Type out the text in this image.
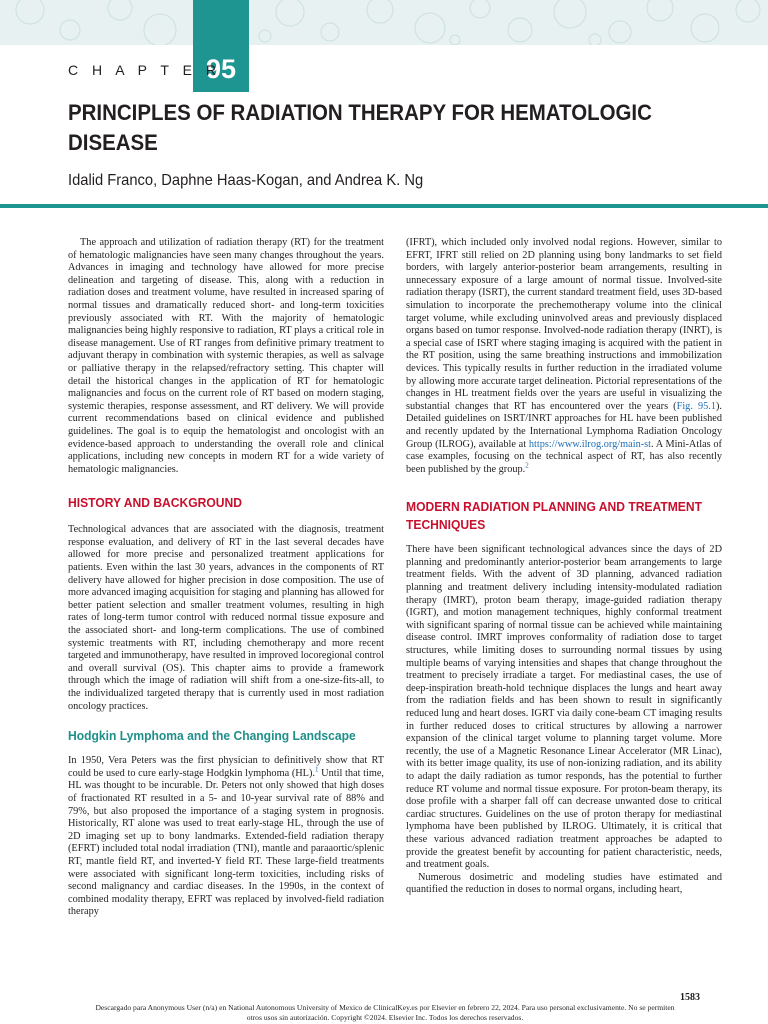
95
C H A P T E R
PRINCIPLES OF RADIATION THERAPY FOR HEMATOLOGIC DISEASE
Idalid Franco, Daphne Haas-Kogan, and Andrea K. Ng

The approach and utilization of radiation therapy (RT) for the treatment of hematologic malignancies have seen many changes throughout the years. Advances in imaging and technology have allowed for more precise delineation and targeting of disease. This, along with a reduction in radiation doses and treatment volume, have resulted in increased sparing of normal tissues and dramatically reduced short- and long-term toxicities previously associated with RT. With the majority of hematologic malignancies being highly responsive to radiation, RT plays a critical role in disease management. Use of RT ranges from definitive primary treatment to adjuvant therapy in combination with systemic therapies, as well as salvage or palliative therapy in the relapsed/refractory setting. This chapter will detail the historical changes in the application of RT for hematologic malignancies and focus on the current role of RT based on modern staging, systemic therapies, response assessment, and RT delivery. We will provide current recommendations based on clinical evidence and published guidelines. The goal is to equip the hematologist and oncologist with an evidence-based approach to understanding the overall role and clinical applications, including new concepts in modern RT for a wide variety of hematologic malignancies.

HISTORY AND BACKGROUND

Technological advances that are associated with the diagnosis, treatment response evaluation, and delivery of RT in the last several decades have allowed for more precise and personalized treatment applications for patients. Even within the last 30 years, advances in the components of RT delivery have allowed for higher precision in dose composition. The use of more advanced imaging acquisition for staging and planning has allowed for better patient selection and smaller treatment volumes, resulting in high rates of long-term tumor control with reduced normal tissue exposure and the associated short- and long-term complications. The use of combined systemic treatments with RT, including chemotherapy and more recent targeted and immunotherapy, have resulted in improved locoregional control and overall survival (OS). This chapter aims to provide a framework through which the image of radiation will shift from a one-size-fits-all, to the individualized targeted therapy that is currently used in most radiation oncology practices.

Hodgkin Lymphoma and the Changing Landscape

In 1950, Vera Peters was the first physician to definitively show that RT could be used to cure early-stage Hodgkin lymphoma (HL).$^1$ Until that time, HL was thought to be incurable. Dr. Peters not only showed that high doses of fractionated RT resulted in a 5- and 10-year survival rate of 88% and 79%, but also proposed the importance of a staging system in prognosis. Historically, RT alone was used to treat early-stage HL, through the use of 2D imaging set up to bony landmarks. Extended-field radiation therapy (EFRT) included total nodal irradiation (TNI), mantle and paraaortic/splenic RT, mantle field RT, and inverted-Y field RT. These large-field treatments were associated with significant long-term toxicities, including risks of second malignancy and cardiac diseases. In the 1990s, in the context of combined modality therapy, EFRT was replaced by involved-field radiation therapy

(IFRT), which included only involved nodal regions. However, similar to EFRT, IFRT still relied on 2D planning using bony landmarks to set field borders, with largely anterior-posterior beam arrangements, resulting in unnecessary exposure of a large amount of normal tissue. Involved-site radiation therapy (ISRT), the current standard treatment field, uses 3D-based simulation to incorporate the prechemotherapy volume into the clinical target volume, while excluding uninvolved areas and previously displaced organs based on tumor response. Involved-node radiation therapy (INRT), is a special case of ISRT where staging imaging is acquired with the patient in the RT position, using the same breathing instructions and immobilization devices. This typically results in further reduction in the irradiated volume by allowing more accurate target delineation. Pictorial representations of the changes in HL treatment fields over the years are useful in visualizing the substantial changes that RT has encountered over the years (Fig. 95.1). Detailed guidelines on ISRT/INRT approaches for HL have been published and recently updated by the International Lymphoma Radiation Oncology Group (ILROG), available at https://www.ilrog.org/main-st. A Mini-Atlas of case examples, focusing on the technical aspect of RT, has also recently been published by the group.$^2$

MODERN RADIATION PLANNING AND TREATMENT TECHNIQUES

There have been significant technological advances since the days of 2D planning and predominantly anterior-posterior beam arrangements to large treatment fields. With the advent of 3D planning, advanced radiation planning and treatment delivery including intensity-modulated radiation therapy (IMRT), proton beam therapy, image-guided radiation therapy (IGRT), and motion management techniques, highly conformal treatment with significant sparing of normal tissue can be achieved while maintaining disease control. IMRT improves conformality of radiation dose to target structures, while limiting doses to surrounding normal tissues by using multiple beams of varying intensities and shapes that change throughout the treatment to precisely irradiate a target. For mediastinal cases, the use of deep-inspiration breath-hold technique displaces the lungs and heart away from the radiation fields and has been shown to result in significantly reduced lung and heart doses. IGRT via daily cone-beam CT imaging results in further reduced doses to critical structures by allowing a narrower expansion of the clinical target volume to planning target volume. More recently, the use of a Magnetic Resonance Linear Accelerator (MR Linac), with its better image quality, its use of non-ionizing radiation, and its ability to adapt the daily radiation as tumor responds, has the potential to further reduce RT volume and normal tissue exposure. For proton-beam therapy, its dose profile with a sharper fall off can decrease unwanted dose to critical cardiac structures. Guidelines on the use of proton therapy for mediastinal lymphoma have been published by ILROG. Ultimately, it is critical that these various advanced radiation treatment approaches be adapted to provide the greatest benefit by accounting for patient characteristic, needs, and treatment goals.

Numerous dosimetric and modeling studies have estimated and quantified the reduction in doses to normal organs, including heart,

1583
Descargado para Anonymous User (n/a) en National Autonomous University of Mexico de ClinicalKey.es por Elsevier en febrero 22, 2024. Para uso personal exclusivamente. No se permiten otros usos sin autorización. Copyright ©2024. Elsevier Inc. Todos los derechos reservados.
